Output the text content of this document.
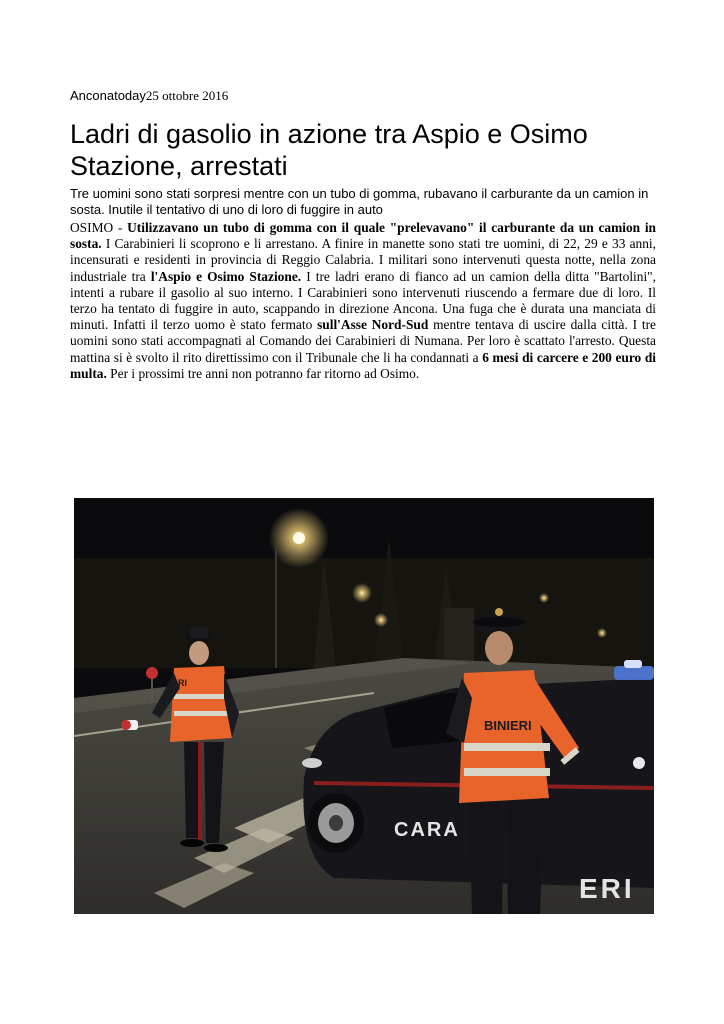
Anconatoday25 ottobre 2016
Ladri di gasolio in azione tra Aspio e Osimo Stazione, arrestati

Tre uomini sono stati sorpresi mentre con un tubo di gomma, rubavano il carburante da un camion in sosta. Inutile il tentativo di uno di loro di fuggire in auto

OSIMO - Utilizzavano un tubo di gomma con il quale "prelevavano" il carburante da un camion in sosta. I Carabinieri li scoprono e li arrestano. A finire in manette sono stati tre uomini, di 22, 29 e 33 anni, incensurati e residenti in provincia di Reggio Calabria. I militari sono intervenuti questa notte, nella zona industriale tra l'Aspio e Osimo Stazione. I tre ladri erano di fianco ad un camion della ditta "Bartolini", intenti a rubare il gasolio al suo interno. I Carabinieri sono intervenuti riuscendo a fermare due di loro. Il terzo ha tentato di fuggire in auto, scappando in direzione Ancona. Una fuga che è durata una manciata di minuti. Infatti il terzo uomo è stato fermato sull'Asse Nord-Sud mentre tentava di uscire dalla città. I tre uomini sono stati accompagnati al Comando dei Carabinieri di Numana. Per loro è scattato l'arresto. Questa mattina si è svolto il rito direttissimo con il Tribunale che li ha condannati a 6 mesi di carcere e 200 euro di multa. Per i prossimi tre anni non potranno far ritorno ad Osimo.

RI
CARA
ERI
BINIERI
